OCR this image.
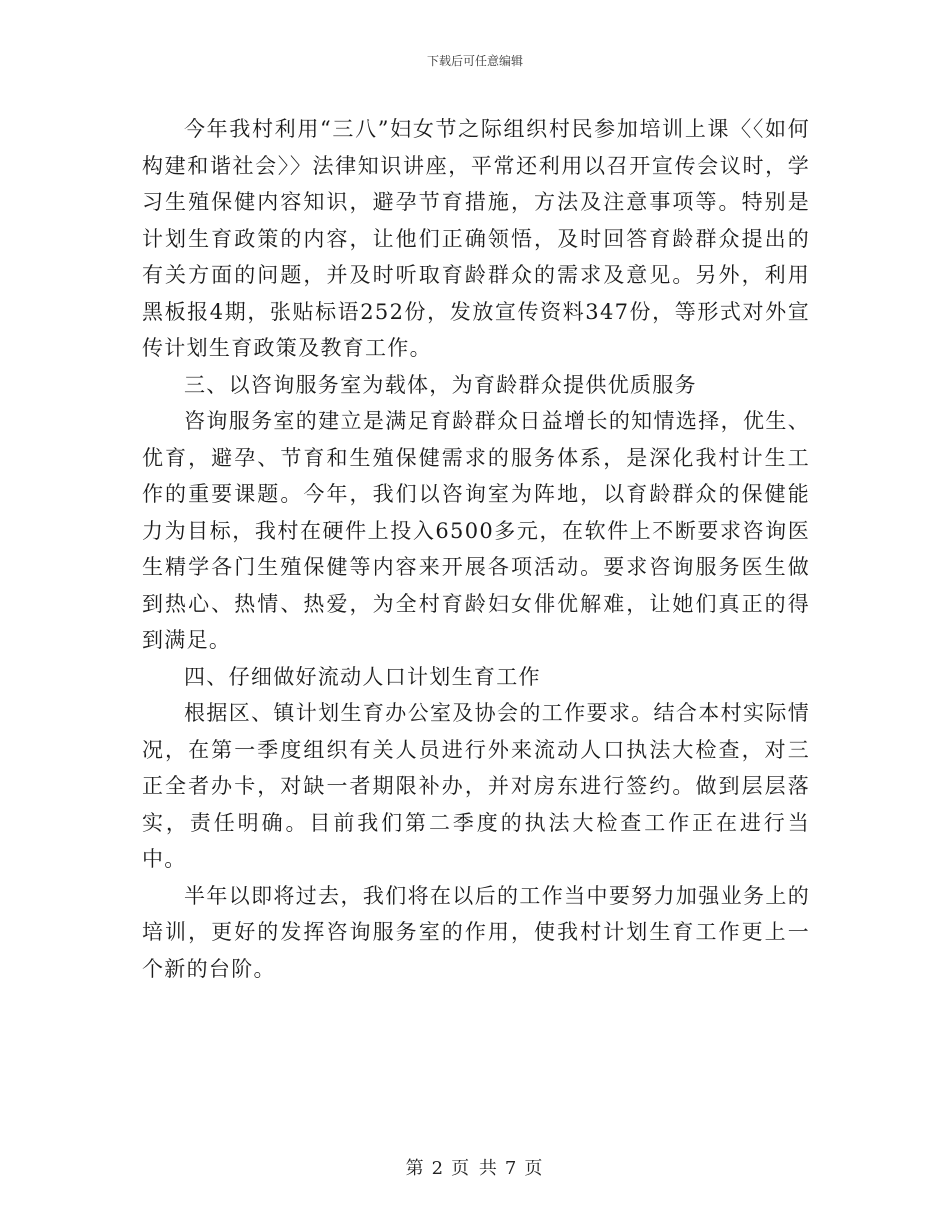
下载后可任意编辑

今年我村利用“三八”妇女节之际组织村民参加培训上课〈〈如何构建和谐社会〉〉法律知识讲座，平常还利用以召开宣传会议时，学习生殖保健内容知识，避孕节育措施，方法及注意事项等。特别是计划生育政策的内容，让他们正确领悟，及时回答育龄群众提出的有关方面的问题，并及时听取育龄群众的需求及意见。另外，利用黑板报4期，张贴标语252份，发放宣传资料347份，等形式对外宣传计划生育政策及教育工作。

三、以咨询服务室为载体，为育龄群众提供优质服务

咨询服务室的建立是满足育龄群众日益增长的知情选择，优生、优育，避孕、节育和生殖保健需求的服务体系，是深化我村计生工作的重要课题。今年，我们以咨询室为阵地，以育龄群众的保健能力为目标，我村在硬件上投入6500多元，在软件上不断要求咨询医生精学各门生殖保健等内容来开展各项活动。要求咨询服务医生做到热心、热情、热爱，为全村育龄妇女俳优解难，让她们真正的得到满足。

四、仔细做好流动人口计划生育工作

根据区、镇计划生育办公室及协会的工作要求。结合本村实际情况，在第一季度组织有关人员进行外来流动人口执法大检查，对三正全者办卡，对缺一者期限补办，并对房东进行签约。做到层层落实，责任明确。目前我们第二季度的执法大检查工作正在进行当中。

半年以即将过去，我们将在以后的工作当中要努力加强业务上的培训，更好的发挥咨询服务室的作用，使我村计划生育工作更上一个新的台阶。

第 2 页 共 7 页
